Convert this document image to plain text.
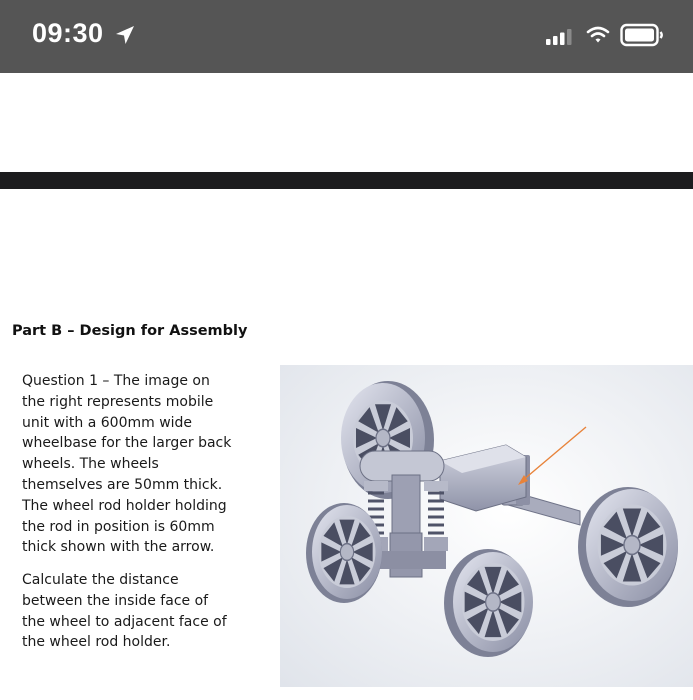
09:30
Part B – Design for Assembly
Question 1 – The image on the right represents mobile unit with a 600mm wide wheelbase for the larger back wheels. The wheels themselves are 50mm thick. The wheel rod holder holding the rod in position is 60mm thick shown with the arrow.
Calculate the distance between the inside face of the wheel to adjacent face of the wheel rod holder.
